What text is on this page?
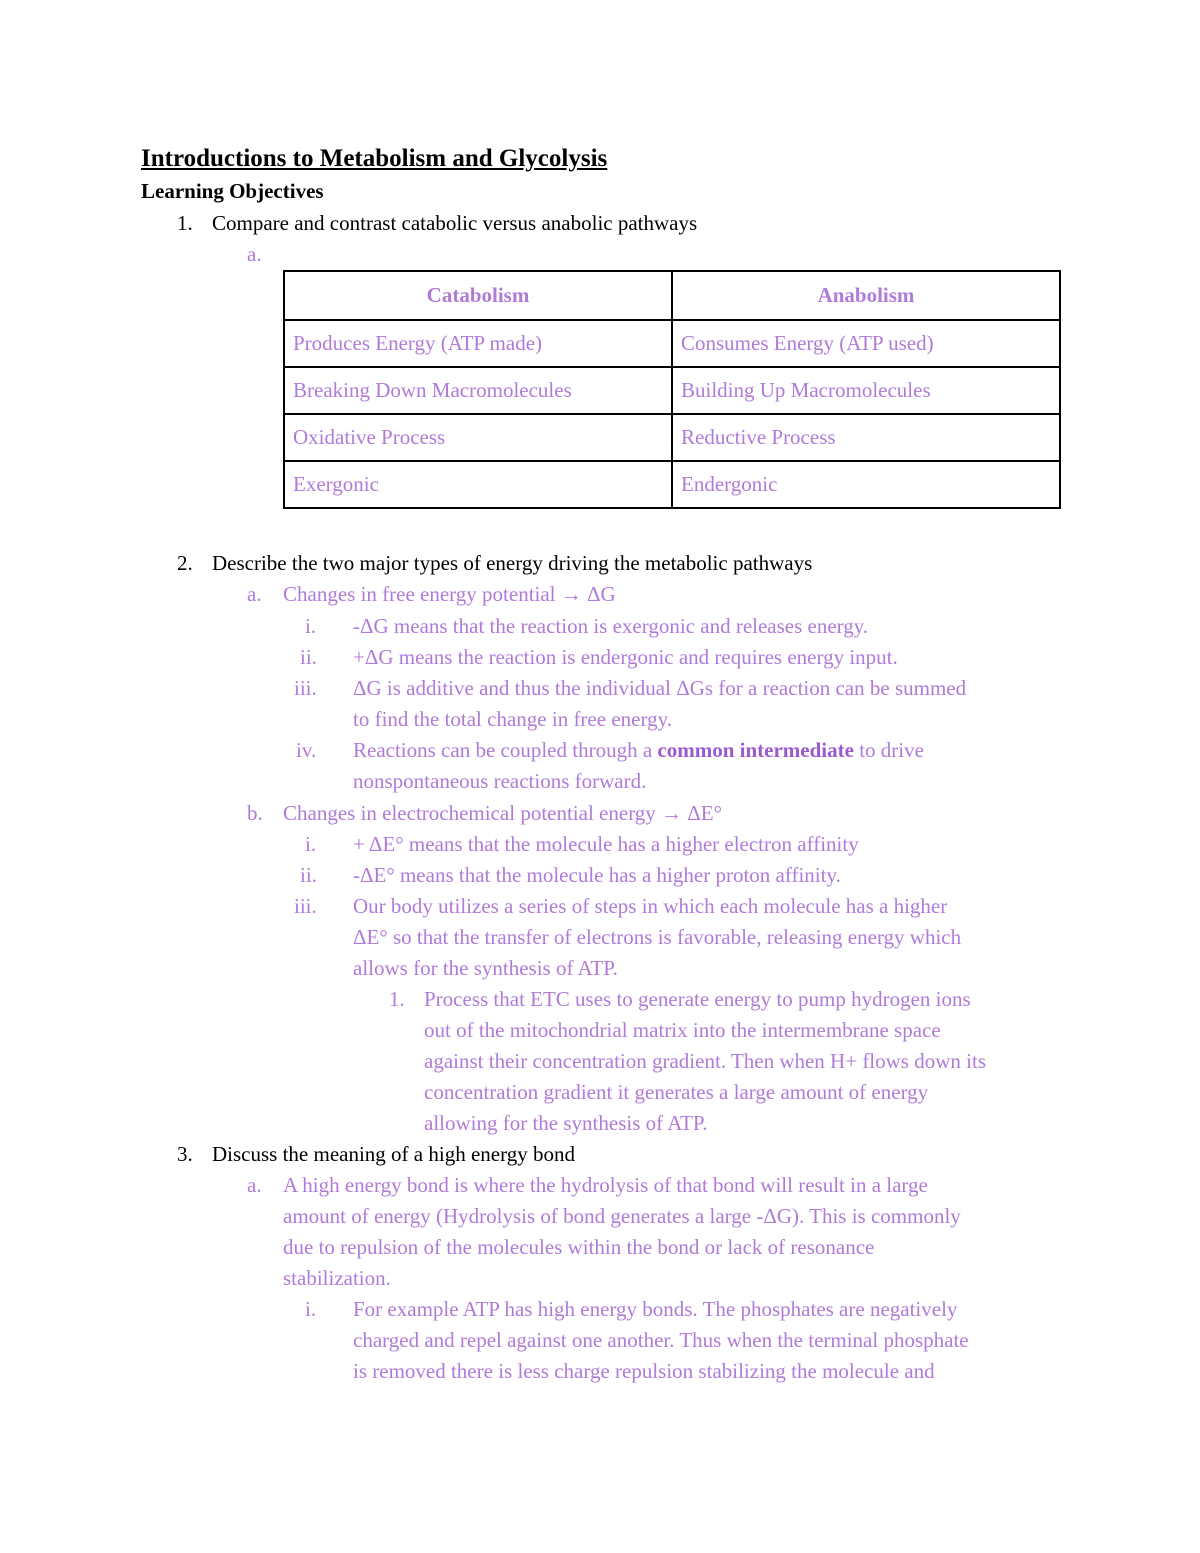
Introductions to Metabolism and Glycolysis
Learning Objectives
1. Compare and contrast catabolic versus anabolic pathways
a.
Catabolism	Anabolism
Produces Energy (ATP made)	Consumes Energy (ATP used)
Breaking Down Macromolecules	Building Up Macromolecules
Oxidative Process	Reductive Process
Exergonic	Endergonic
2. Describe the two major types of energy driving the metabolic pathways
a. Changes in free energy potential → ΔG
i. -ΔG means that the reaction is exergonic and releases energy.
ii. +ΔG means the reaction is endergonic and requires energy input.
iii. ΔG is additive and thus the individual ΔGs for a reaction can be summed
to find the total change in free energy.
iv. Reactions can be coupled through a common intermediate to drive
nonspontaneous reactions forward.
b. Changes in electrochemical potential energy → ΔE°
i. + ΔE° means that the molecule has a higher electron affinity
ii. -ΔE° means that the molecule has a higher proton affinity.
iii. Our body utilizes a series of steps in which each molecule has a higher
ΔE° so that the transfer of electrons is favorable, releasing energy which
allows for the synthesis of ATP.
1. Process that ETC uses to generate energy to pump hydrogen ions
out of the mitochondrial matrix into the intermembrane space
against their concentration gradient. Then when H+ flows down its
concentration gradient it generates a large amount of energy
allowing for the synthesis of ATP.
3. Discuss the meaning of a high energy bond
a. A high energy bond is where the hydrolysis of that bond will result in a large
amount of energy (Hydrolysis of bond generates a large -ΔG). This is commonly
due to repulsion of the molecules within the bond or lack of resonance
stabilization.
i. For example ATP has high energy bonds. The phosphates are negatively
charged and repel against one another. Thus when the terminal phosphate
is removed there is less charge repulsion stabilizing the molecule and
